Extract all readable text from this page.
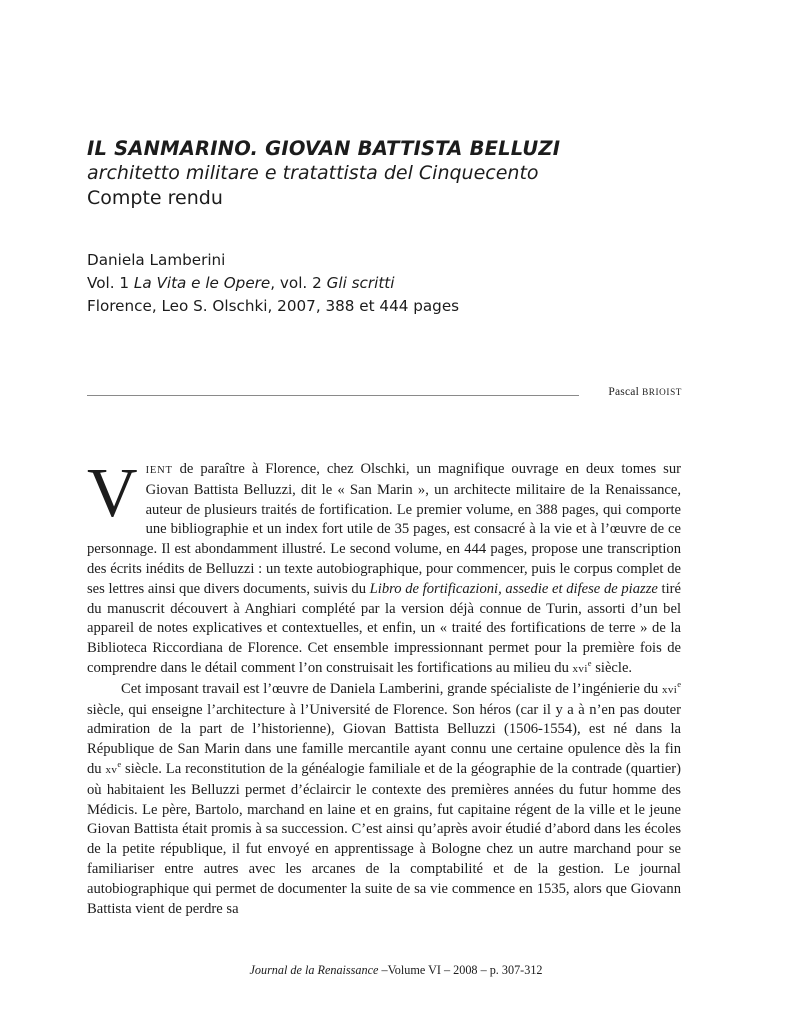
IL SANMARINO. GIOVAN BATTISTA BELLUZI

architetto militare e tratattista del Cinquecento

Compte rendu

Daniela Lamberini
Vol. 1 La Vita e le Opere, vol. 2 Gli scritti
Florence, Leo S. Olschki, 2007, 388 et 444 pages
Pascal BRIOIST

VIENT de paraître à Florence, chez Olschki, un magnifique ouvrage en deux tomes sur Giovan Battista Belluzzi, dit le « San Marin », un architecte militaire de la Renaissance, auteur de plusieurs traités de fortification. Le premier volume, en 388 pages, qui comporte une bibliographie et un index fort utile de 35 pages, est consacré à la vie et à l’œuvre de ce personnage. Il est abondamment illustré. Le second volume, en 444 pages, propose une transcription des écrits inédits de Belluzzi : un texte autobiographique, pour commencer, puis le corpus complet de ses lettres ainsi que divers documents, suivis du Libro de fortificazioni, assedie et difese de piazze tiré du manuscrit découvert à Anghiari complété par la version déjà connue de Turin, assorti d’un bel appareil de notes explicatives et contextuelles, et enfin, un « traité des fortifications de terre » de la Biblioteca Riccordiana de Florence. Cet ensemble impressionnant permet pour la première fois de comprendre dans le détail comment l’on construisait les fortifications au milieu du xvi$^e$ siècle.

Cet imposant travail est l’œuvre de Daniela Lamberini, grande spécialiste de l’ingénierie du xvi$^e$ siècle, qui enseigne l’architecture à l’Université de Florence. Son héros (car il y a à n’en pas douter admiration de la part de l’historienne), Giovan Battista Belluzzi (1506-1554), est né dans la République de San Marin dans une famille mercantile ayant connu une certaine opulence dès la fin du $xv^e$ siècle. La reconstitution de la généalogie familiale et de la géographie de la contrade (quartier) où habitaient les Belluzzi permet d’éclaircir le contexte des premières années du futur homme des Médicis. Le père, Bartolo, marchand en laine et en grains, fut capitaine régent de la ville et le jeune Giovan Battista était promis à sa succession. C’est ainsi qu’après avoir étudié d’abord dans les écoles de la petite république, il fut envoyé en apprentissage à Bologne chez un autre marchand pour se familiariser entre autres avec les arcanes de la comptabilité et de la gestion. Le journal autobiographique qui permet de documenter la suite de sa vie commence en 1535, alors que Giovann Battista vient de perdre sa

Journal de la Renaissance –Volume VI – 2008 – p. 307-312
